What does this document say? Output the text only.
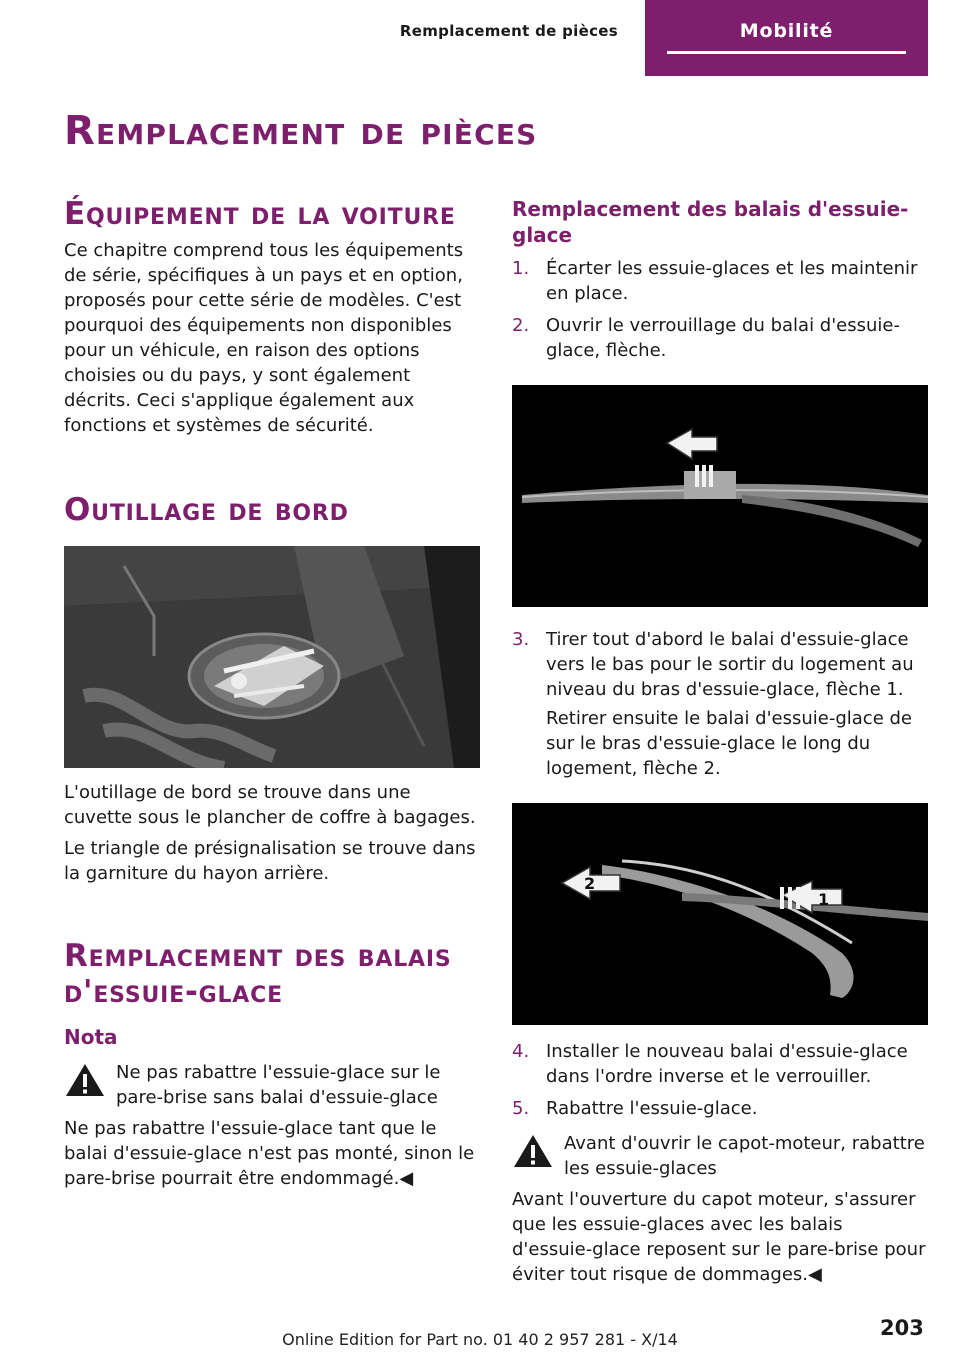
Remplacement de pièces	Mobilité
Remplacement de pièces
Équipement de la voiture
Ce chapitre comprend tous les équipements de série, spécifiques à un pays et en option, proposés pour cette série de modèles. C'est pourquoi des équipements non disponibles pour un véhicule, en raison des options choisies ou du pays, y sont également décrits. Ceci s'applique également aux fonctions et systèmes de sécurité.
Outillage de bord
L'outillage de bord se trouve dans une cuvette sous le plancher de coffre à bagages.
Le triangle de présignalisation se trouve dans la garniture du hayon arrière.
Remplacement des balais d'essuie-glace
Nota
Ne pas rabattre l'essuie-glace sur le pare-brise sans balai d'essuie-glace
Ne pas rabattre l'essuie-glace tant que le balai d'essuie-glace n'est pas monté, sinon le pare-brise pourrait être endommagé.◀
Remplacement des balais d'essuie-glace
1. Écarter les essuie-glaces et les maintenir en place.
2. Ouvrir le verrouillage du balai d'essuie-glace, flèche.
3. Tirer tout d'abord le balai d'essuie-glace vers le bas pour le sortir du logement au niveau du bras d'essuie-glace, flèche 1.
Retirer ensuite le balai d'essuie-glace de sur le bras d'essuie-glace le long du logement, flèche 2.
2
1
4. Installer le nouveau balai d'essuie-glace dans l'ordre inverse et le verrouiller.
5. Rabattre l'essuie-glace.
Avant d'ouvrir le capot-moteur, rabattre les essuie-glaces
Avant l'ouverture du capot moteur, s'assurer que les essuie-glaces avec les balais d'essuie-glace reposent sur le pare-brise pour éviter tout risque de dommages.◀
203
Online Edition for Part no. 01 40 2 957 281 - X/14
